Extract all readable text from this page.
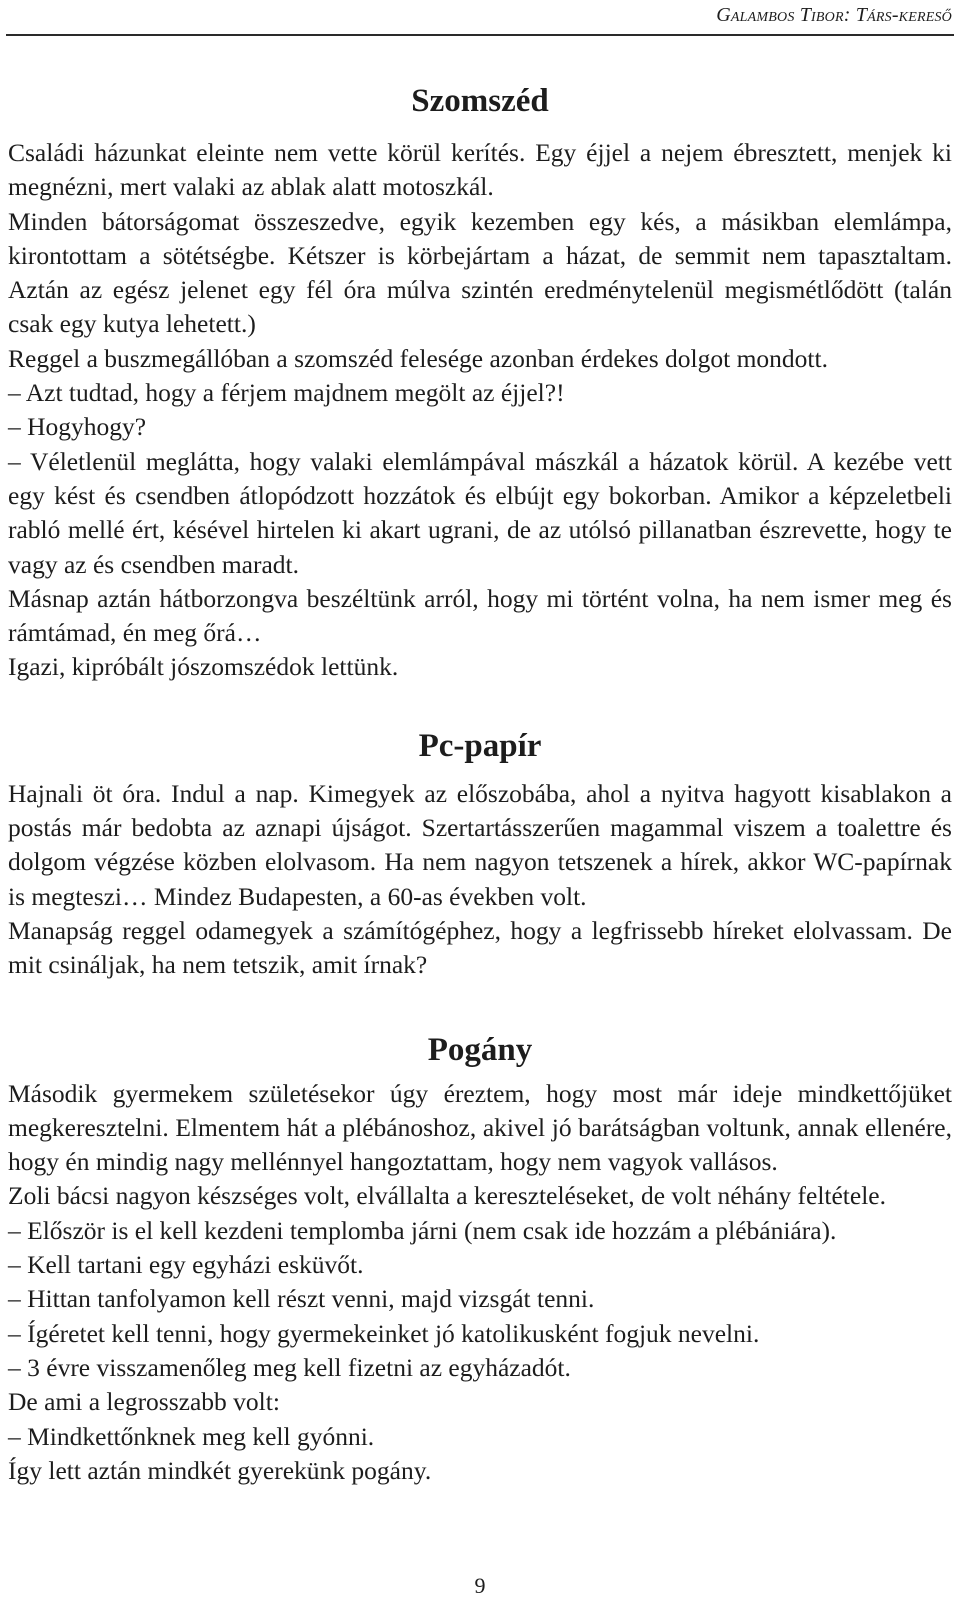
Galambos Tibor: Társ-kereső
Szomszéd

Családi házunkat eleinte nem vette körül kerítés. Egy éjjel a nejem ébresztett, menjek ki megnézni, mert valaki az ablak alatt motoszkál.

Minden bátorságomat összeszedve, egyik kezemben egy kés, a másikban elemlámpa, kirontottam a sötétségbe. Kétszer is körbejártam a házat, de semmit nem tapasztaltam. Aztán az egész jelenet egy fél óra múlva szintén eredménytelenül megismétlődött (talán csak egy kutya lehetett.)

Reggel a buszmegállóban a szomszéd felesége azonban érdekes dolgot mondott.

– Azt tudtad, hogy a férjem majdnem megölt az éjjel?!

– Hogyhogy?

– Véletlenül meglátta, hogy valaki elemlámpával mászkál a házatok körül. A kezébe vett egy kést és csendben átlopódzott hozzátok és elbújt egy bokorban. Amikor a képzeletbeli rabló mellé ért, késével hirtelen ki akart ugrani, de az utólsó pillanatban észrevette, hogy te vagy az és csendben maradt.

Másnap aztán hátborzongva beszéltünk arról, hogy mi történt volna, ha nem ismer meg és rámtámad, én meg őrá…

Igazi, kipróbált jószomszédok lettünk.

Pc-papír

Hajnali öt óra. Indul a nap. Kimegyek az előszobába, ahol a nyitva hagyott kisablakon a postás már bedobta az aznapi újságot. Szertartásszerűen magammal viszem a toalettre és dolgom végzése közben elolvasom. Ha nem nagyon tetszenek a hírek, akkor WC-papírnak is megteszi… Mindez Budapesten, a 60-as években volt.

Manapság reggel odamegyek a számítógéphez, hogy a legfrissebb híreket elolvassam. De mit csináljak, ha nem tetszik, amit írnak?

Pogány

Második gyermekem születésekor úgy éreztem, hogy most már ideje mindkettőjüket megkeresztelni. Elmentem hát a plébánoshoz, akivel jó barátságban voltunk, annak ellenére, hogy én mindig nagy mellénnyel hangoztattam, hogy nem vagyok vallásos.

Zoli bácsi nagyon készséges volt, elvállalta a kereszteléseket, de volt néhány feltétele.

– Először is el kell kezdeni templomba járni (nem csak ide hozzám a plébániára).

– Kell tartani egy egyházi esküvőt.

– Hittan tanfolyamon kell részt venni, majd vizsgát tenni.

– Ígéretet kell tenni, hogy gyermekeinket jó katolikusként fogjuk nevelni.

– 3 évre visszamenőleg meg kell fizetni az egyházadót.

De ami a legrosszabb volt:

– Mindkettőnknek meg kell gyónni.

Így lett aztán mindkét gyerekünk pogány.

9
